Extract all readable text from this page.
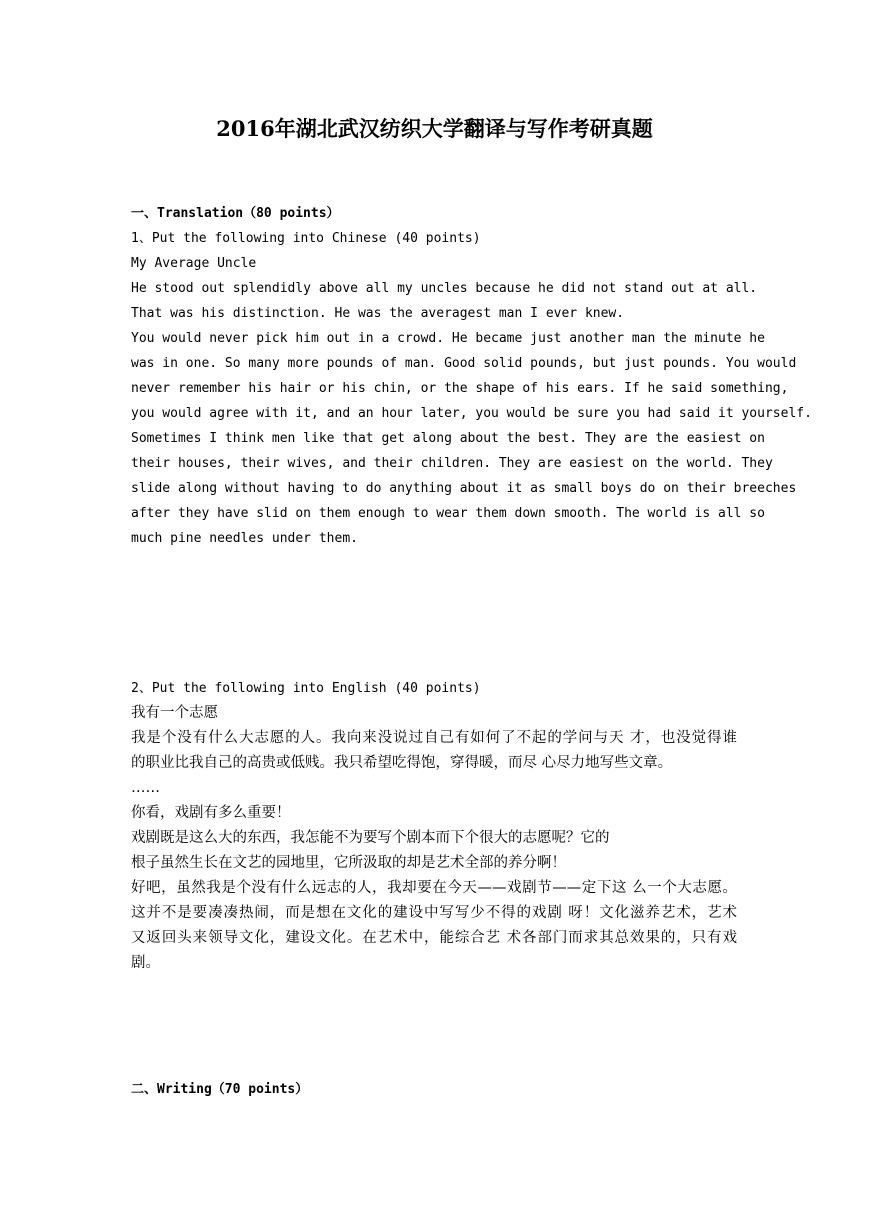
2016年湖北武汉纺织大学翻译与写作考研真题
一、Translation（80 points）
1、Put the following into Chinese (40 points)
My Average Uncle
He stood out splendidly above all my uncles because he did not stand out at all.
That was his distinction. He was the averagest man I ever knew.
You would never pick him out in a crowd. He became just another man the minute he
was in one. So many more pounds of man. Good solid pounds, but just pounds. You would
never remember his hair or his chin, or the shape of his ears. If he said something,
you would agree with it, and an hour later, you would be sure you had said it yourself.
Sometimes I think men like that get along about the best. They are the easiest on
their houses, their wives, and their children. They are easiest on the world. They
slide along without having to do anything about it as small boys do on their breeches
after they have slid on them enough to wear them down smooth. The world is all so
much pine needles under them.
2、Put the following into English (40 points)
我有一个志愿
我是个没有什么大志愿的人。我向来没说过自己有如何了不起的学问与天 才，也没觉得谁
的职业比我自己的高贵或低贱。我只希望吃得饱，穿得暖，而尽 心尽力地写些文章。
……
你看，戏剧有多么重要！
戏剧既是这么大的东西，我怎能不为要写个剧本而下个很大的志愿呢？它的
根子虽然生长在文艺的园地里，它所汲取的却是艺术全部的养分啊！
好吧，虽然我是个没有什么远志的人，我却要在今天——戏剧节——定下这 么一个大志愿。
这并不是要凑凑热闹，而是想在文化的建设中写写少不得的戏剧 呀！文化滋养艺术，艺术
又返回头来领导文化，建设文化。在艺术中，能综合艺 术各部门而求其总效果的，只有戏
剧。
二、Writing（70 points）
